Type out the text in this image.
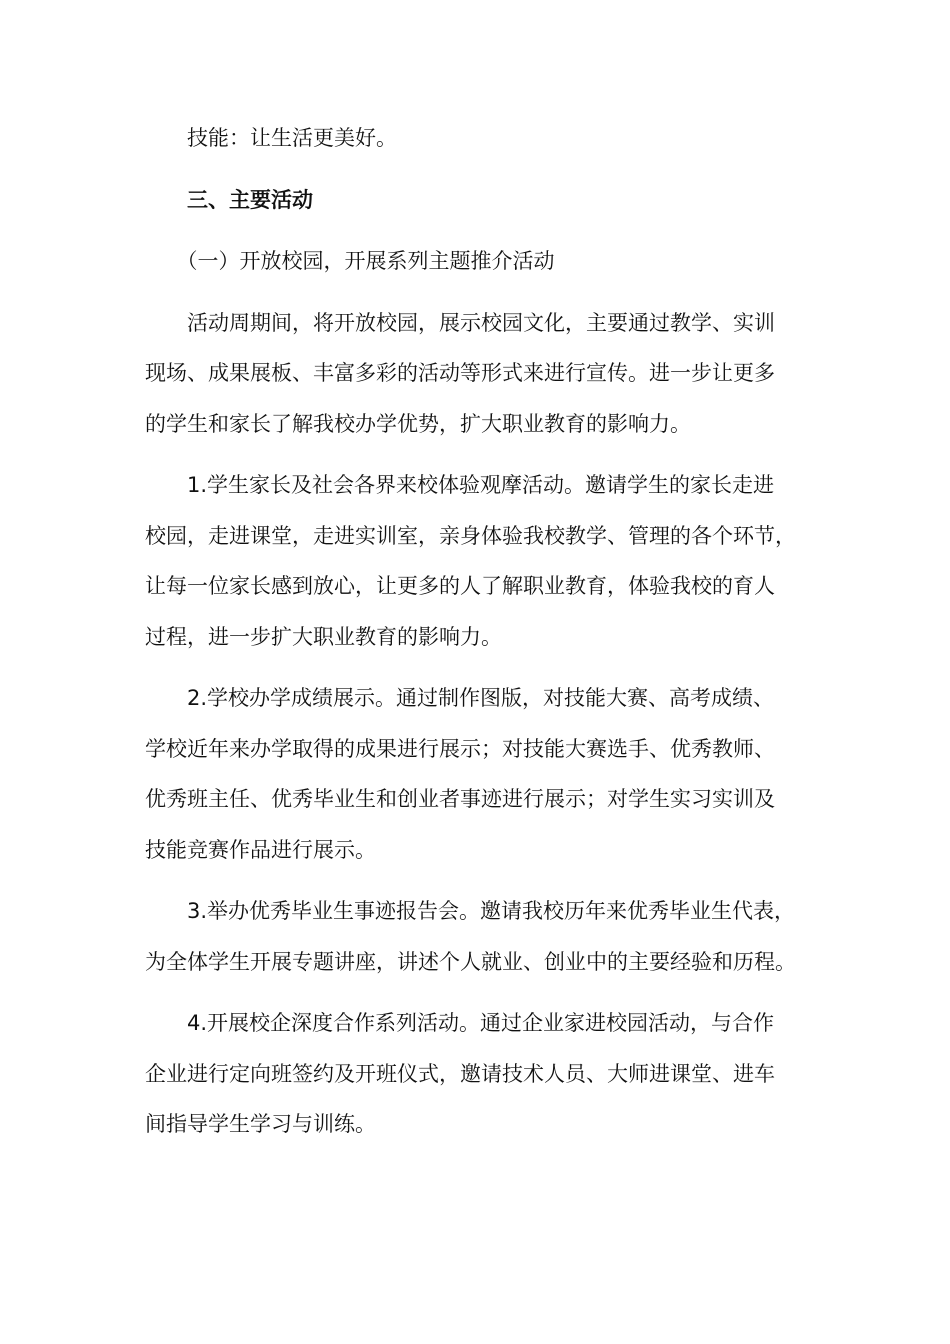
技能：让生活更美好。

三、主要活动

（一）开放校园，开展系列主题推介活动

活动周期间，将开放校园，展示校园文化，主要通过教学、实训
现场、成果展板、丰富多彩的活动等形式来进行宣传。进一步让更多
的学生和家长了解我校办学优势，扩大职业教育的影响力。

1.学生家长及社会各界来校体验观摩活动。邀请学生的家长走进
校园，走进课堂，走进实训室，亲身体验我校教学、管理的各个环节，
让每一位家长感到放心，让更多的人了解职业教育，体验我校的育人
过程，进一步扩大职业教育的影响力。

2.学校办学成绩展示。通过制作图版，对技能大赛、高考成绩、
学校近年来办学取得的成果进行展示；对技能大赛选手、优秀教师、
优秀班主任、优秀毕业生和创业者事迹进行展示；对学生实习实训及
技能竞赛作品进行展示。

3.举办优秀毕业生事迹报告会。邀请我校历年来优秀毕业生代表，
为全体学生开展专题讲座，讲述个人就业、创业中的主要经验和历程。

4.开展校企深度合作系列活动。通过企业家进校园活动，与合作
企业进行定向班签约及开班仪式，邀请技术人员、大师进课堂、进车
间指导学生学习与训练。
